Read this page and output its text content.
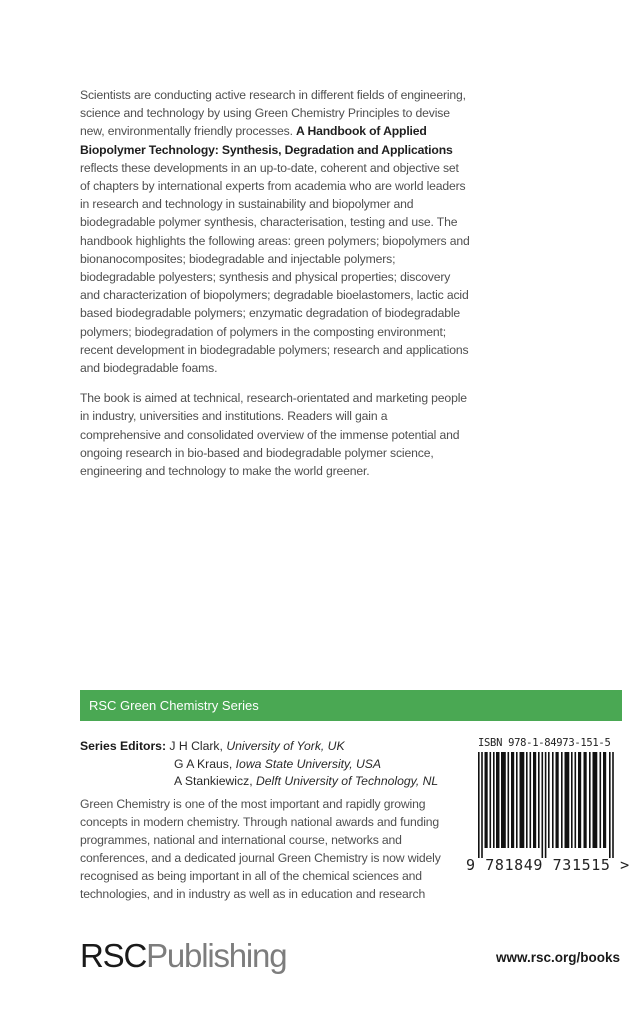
Scientists are conducting active research in different fields of engineering, science and technology by using Green Chemistry Principles to devise new, environmentally friendly processes. A Handbook of Applied Biopolymer Technology: Synthesis, Degradation and Applications reflects these developments in an up-to-date, coherent and objective set of chapters by international experts from academia who are world leaders in research and technology in sustainability and biopolymer and biodegradable polymer synthesis, characterisation, testing and use. The handbook highlights the following areas: green polymers; biopolymers and bionanocomposites; biodegradable and injectable polymers; biodegradable polyesters; synthesis and physical properties; discovery and characterization of biopolymers; degradable bioelastomers, lactic acid based biodegradable polymers; enzymatic degradation of biodegradable polymers; biodegradation of polymers in the composting environment; recent development in biodegradable polymers; research and applications and biodegradable foams.

The book is aimed at technical, research-orientated and marketing people in industry, universities and institutions. Readers will gain a comprehensive and consolidated overview of the immense potential and ongoing research in bio-based and biodegradable polymer science, engineering and technology to make the world greener.

RSC Green Chemistry Series
Series Editors: J H Clark, University of York, UK
G A Kraus, Iowa State University, USA
A Stankiewicz, Delft University of Technology, NL
Green Chemistry is one of the most important and rapidly growing concepts in modern chemistry. Through national awards and funding programmes, national and international course, networks and conferences, and a dedicated journal Green Chemistry is now widely recognised as being important in all of the chemical sciences and technologies, and in industry as well as in education and research
ISBN 978-1-84973-151-5
9 781849 731515 >
RSCPublishing	www.rsc.org/books
